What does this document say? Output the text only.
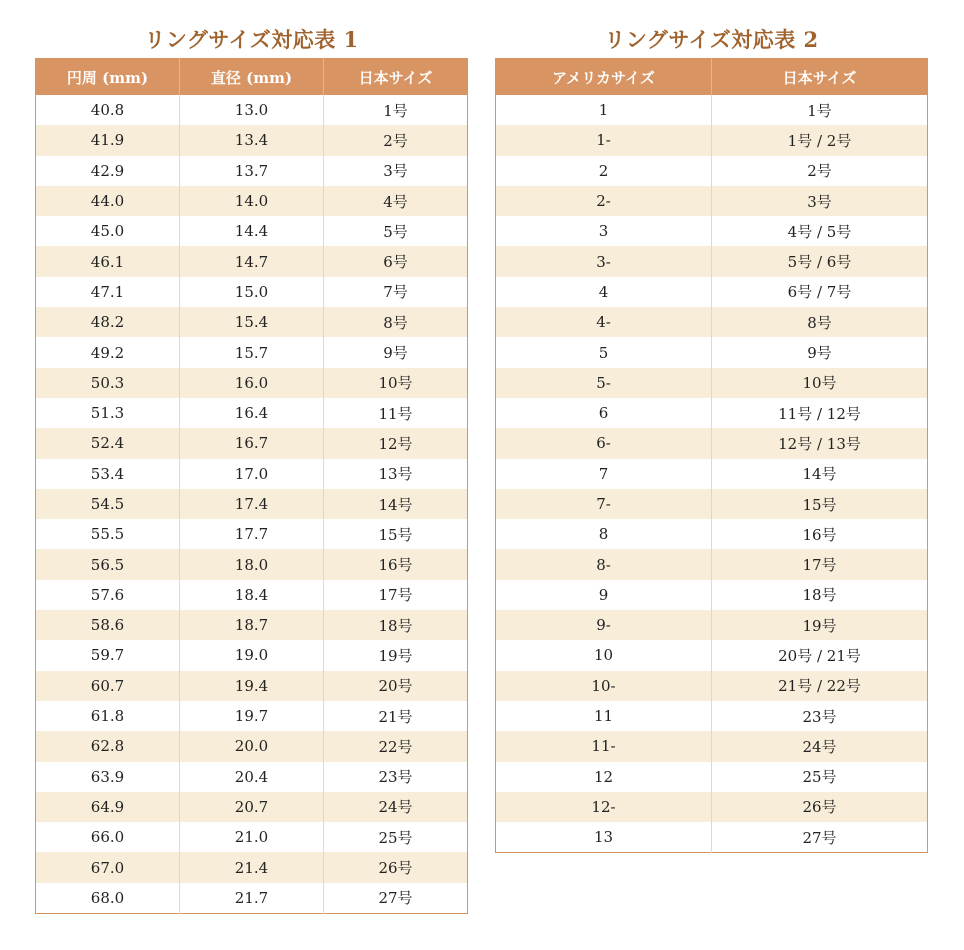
リングサイズ対応表 1
円周 (mm)	直径 (mm)	日本サイズ
40.8	13.0	1号
41.9	13.4	2号
42.9	13.7	3号
44.0	14.0	4号
45.0	14.4	5号
46.1	14.7	6号
47.1	15.0	7号
48.2	15.4	8号
49.2	15.7	9号
50.3	16.0	10号
51.3	16.4	11号
52.4	16.7	12号
53.4	17.0	13号
54.5	17.4	14号
55.5	17.7	15号
56.5	18.0	16号
57.6	18.4	17号
58.6	18.7	18号
59.7	19.0	19号
60.7	19.4	20号
61.8	19.7	21号
62.8	20.0	22号
63.9	20.4	23号
64.9	20.7	24号
66.0	21.0	25号
67.0	21.4	26号
68.0	21.7	27号
リングサイズ対応表 2
アメリカサイズ	日本サイズ
1	1号
1-	1号 / 2号
2	2号
2-	3号
3	4号 / 5号
3-	5号 / 6号
4	6号 / 7号
4-	8号
5	9号
5-	10号
6	11号 / 12号
6-	12号 / 13号
7	14号
7-	15号
8	16号
8-	17号
9	18号
9-	19号
10	20号 / 21号
10-	21号 / 22号
11	23号
11-	24号
12	25号
12-	26号
13	27号
